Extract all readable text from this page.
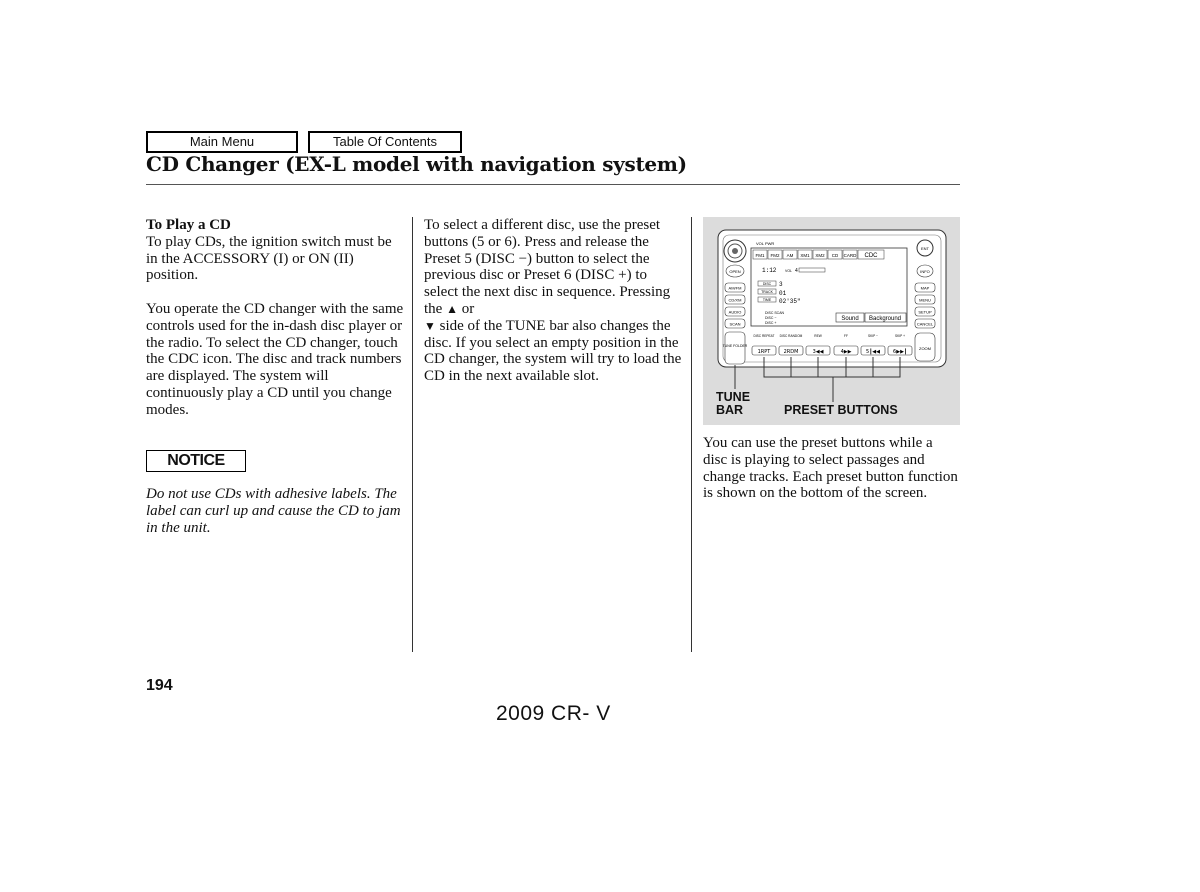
Main Menu	Table Of Contents
CD Changer (EX-L model with navigation system)

To Play a CD

To play CDs, the ignition switch must be in the ACCESSORY (I) or ON (II) position.

You operate the CD changer with the same controls used for the in-dash disc player or the radio. To select the CD changer, touch the CDC icon. The disc and track numbers are displayed. The system will continuously play a CD until you change modes.

NOTICE
Do not use CDs with adhesive labels. The label can curl up and cause the CD to jam in the unit.
To select a different disc, use the preset buttons (5 or 6). Press and release the Preset 5 (DISC −) button to select the previous disc or Preset 6 (DISC +) to select the next disc in sequence. Pressing the ▲ or
▼ side of the TUNE bar also changes the disc. If you select an empty position in the CD changer, the system will try to load the CD in the next available slot.
ENT
FM1 FM2 AM XM1 XM2 CD CARD CDC
VOL PWR
1:12 VOL 4
DISC 3
TRACK 01
TIME 02'35"
DISC SCAN
DISC −
DISC +
Sound Background
OPEN
AM/FM
CD/XM
AUDIO
SCAN
INFO
MAP
MENU
SETUP
CANCEL
TUNE FOLDER	ZOOM
DISC REPEAT DISC RANDOM	REW	FF	SKIP −	SKIP +
1RPT	2RDM	3◀◀	4▶▶	5┃◀◀	6▶▶┃
TUNE BAR	PRESET BUTTONS
You can use the preset buttons while a disc is playing to select passages and change tracks. Each preset button function is shown on the bottom of the screen.
194
2009 CR- V
